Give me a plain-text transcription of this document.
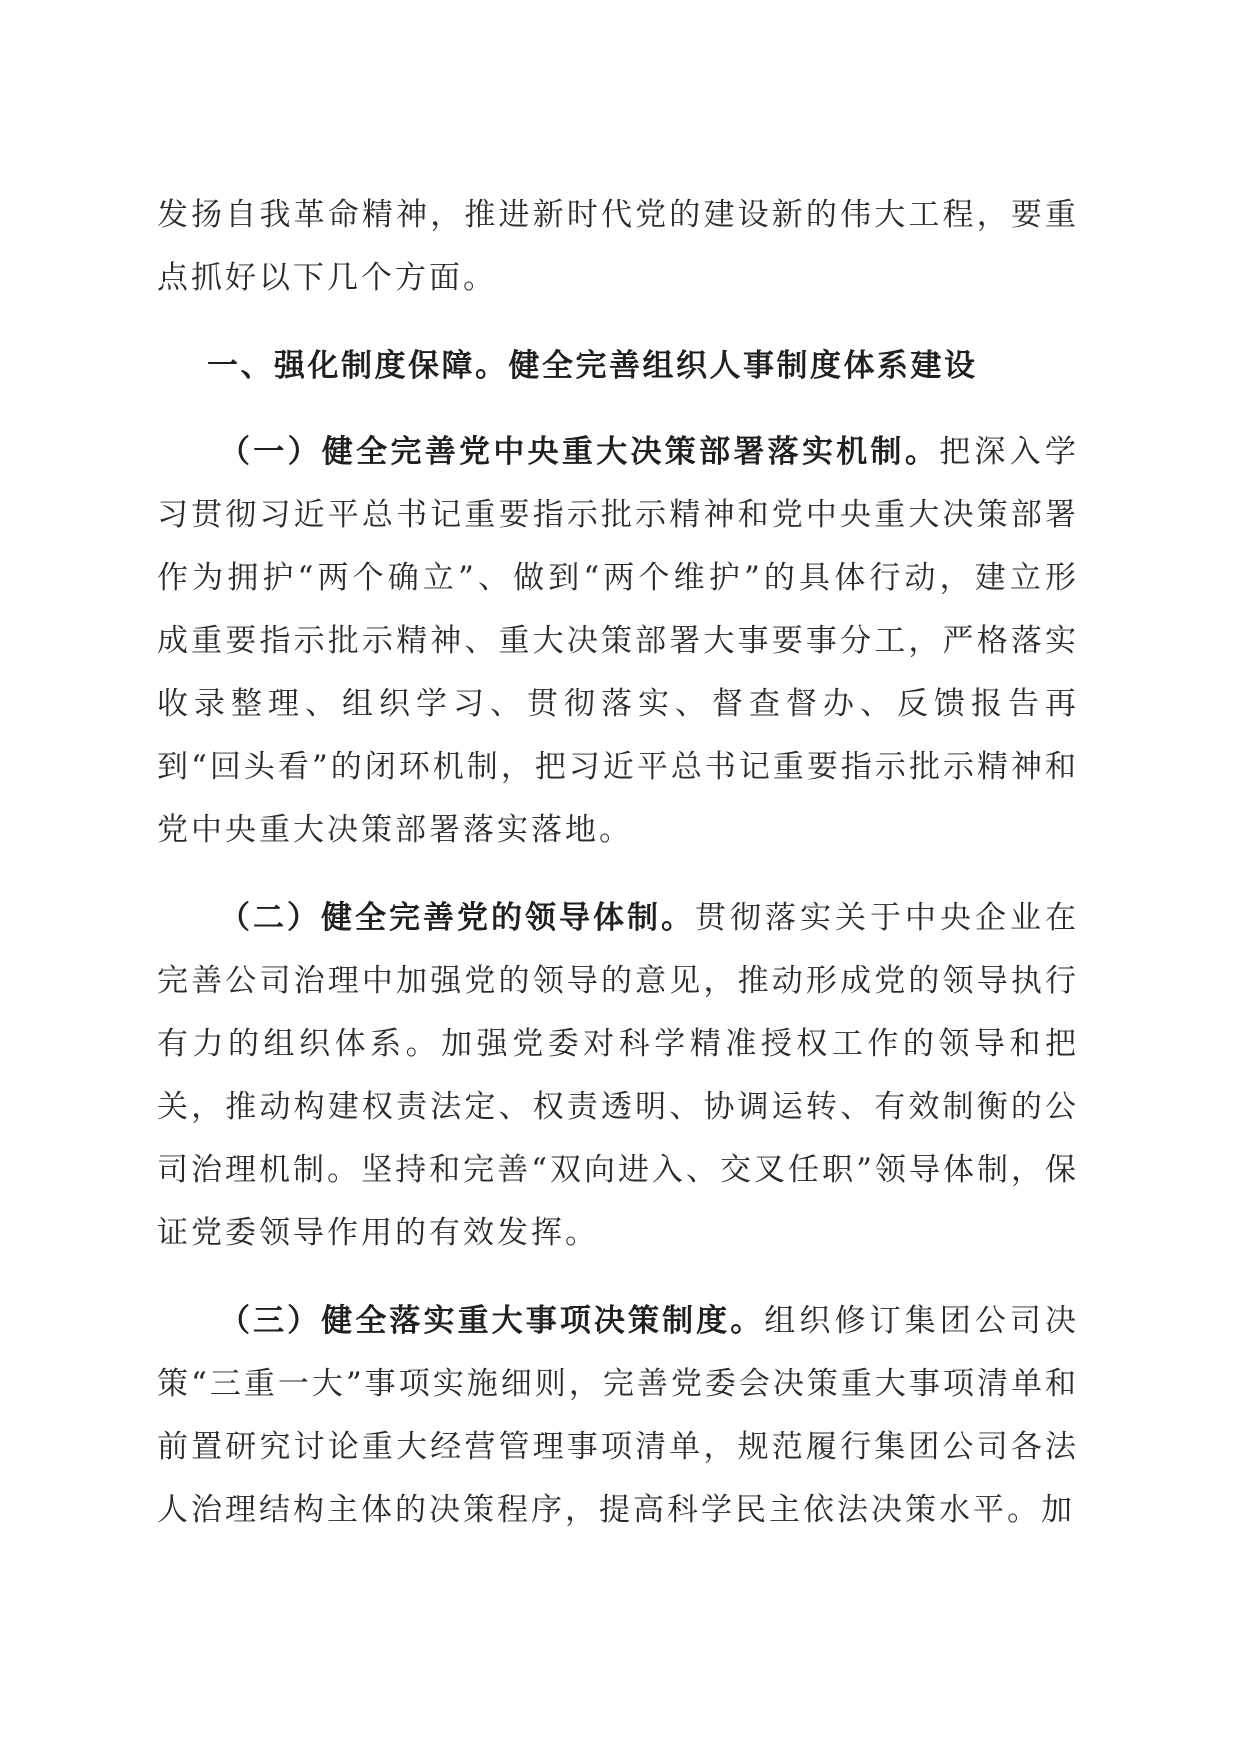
发扬自我革命精神，推进新时代党的建设新的伟大工程，要重点抓好以下几个方面。

一、强化制度保障。健全完善组织人事制度体系建设

（一）健全完善党中央重大决策部署落实机制。把深入学习贯彻习近平总书记重要指示批示精神和党中央重大决策部署作为拥护“两个确立”、做到“两个维护”的具体行动，建立形成重要指示批示精神、重大决策部署大事要事分工，严格落实收录整理、组织学习、贯彻落实、督查督办、反馈报告再到“回头看”的闭环机制，把习近平总书记重要指示批示精神和党中央重大决策部署落实落地。

（二）健全完善党的领导体制。贯彻落实关于中央企业在完善公司治理中加强党的领导的意见，推动形成党的领导执行有力的组织体系。加强党委对科学精准授权工作的领导和把关，推动构建权责法定、权责透明、协调运转、有效制衡的公司治理机制。坚持和完善“双向进入、交叉任职”领导体制，保证党委领导作用的有效发挥。

（三）健全落实重大事项决策制度。组织修订集团公司决策“三重一大”事项实施细则，完善党委会决策重大事项清单和前置研究讨论重大经营管理事项清单，规范履行集团公司各法人治理结构主体的决策程序，提高科学民主依法决策水平。加
